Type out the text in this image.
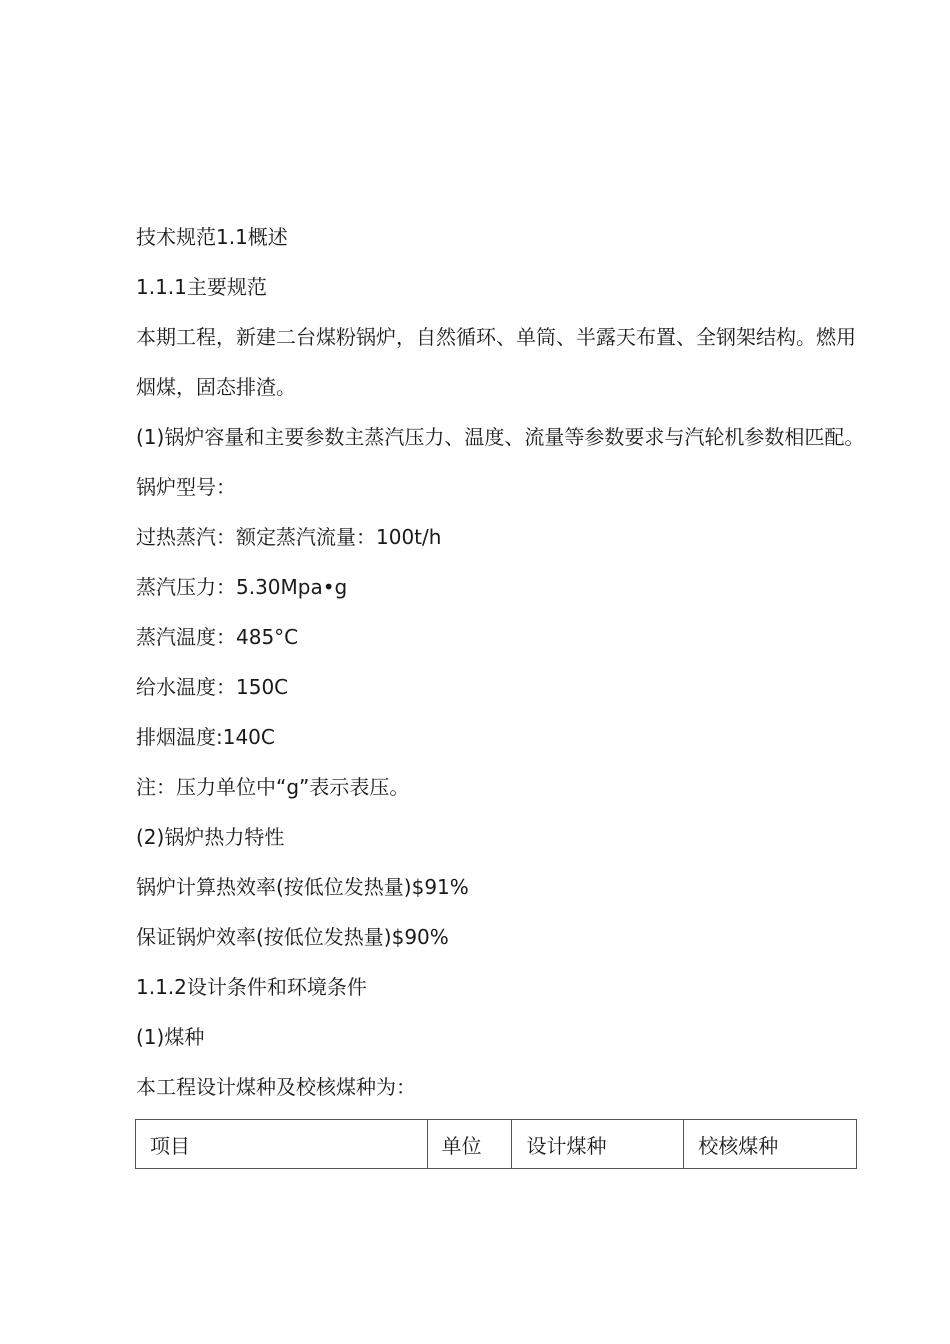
技术规范1.1概述

1.1.1主要规范

本期工程，新建二台煤粉锅炉，自然循环、单筒、半露天布置、全钢架结构。燃用烟煤，固态排渣。

(1)锅炉容量和主要参数主蒸汽压力、温度、流量等参数要求与汽轮机参数相匹配。锅炉型号：

过热蒸汽：额定蒸汽流量：100t/h

蒸汽压力：5.30Mpa•g

蒸汽温度：485°C

给水温度：150C

排烟温度:140C

注：压力单位中“g”表示表压。

(2)锅炉热力特性

锅炉计算热效率(按低位发热量)$91%

保证锅炉效率(按低位发热量)$90%

1.1.2设计条件和环境条件

(1)煤种

本工程设计煤种及校核煤种为：

项目	单位	设计煤种	校核煤种
